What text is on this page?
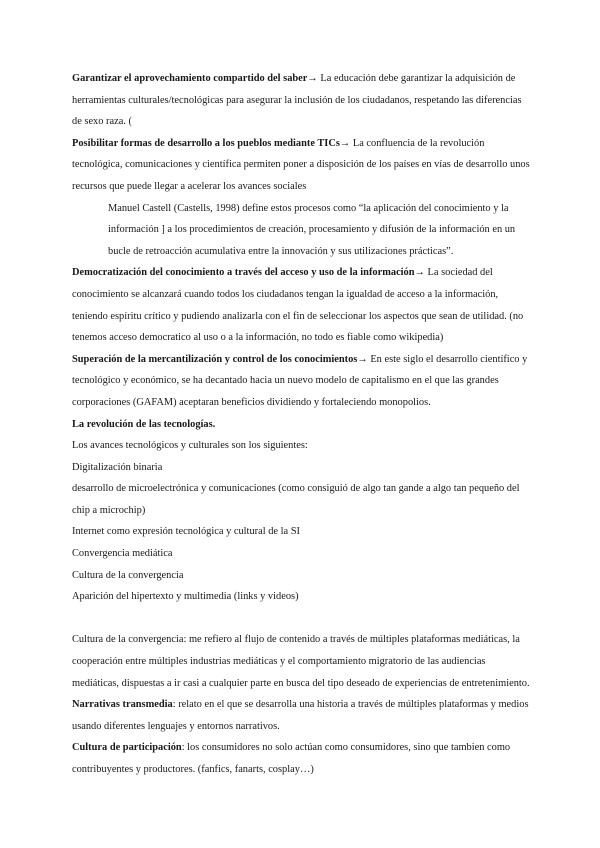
Garantizar el aprovechamiento compartido del saber→ La educación debe garantizar la adquisición de herramientas culturales/tecnológicas para asegurar la inclusión de los ciudadanos, respetando las diferencias de sexo raza. (

Posibilitar formas de desarrollo a los pueblos mediante TICs→ La confluencia de la revolución tecnológica, comunicaciones y científica permiten poner a disposición de los países en vías de desarrollo unos recursos que puede llegar a acelerar los avances sociales

Manuel Castell (Castells, 1998) define estos procesos como “la aplicación del conocimiento y la información ] a los procedimientos de creación, procesamiento y difusión de la información en un bucle de retroacción acumulativa entre la innovación y sus utilizaciones prácticas”.

Democratización del conocimiento a través del acceso y uso de la información→ La sociedad del conocimiento se alcanzará cuando todos los ciudadanos tengan la igualdad de acceso a la información, teniendo espíritu crítico y pudiendo analizarla con el fin de seleccionar los aspectos que sean de utilidad. (no tenemos acceso democratico al uso o a la información, no todo es fiable como wikipedia)

Superación de la mercantilización y control de los conocimientos→ En este siglo el desarrollo científico y tecnológico y económico, se ha decantado hacia un nuevo modelo de capitalismo en el que las grandes corporaciones (GAFAM) aceptaran beneficios dividiendo y fortaleciendo monopolios.

La revolución de las tecnologías.

Los avances tecnológicos y culturales son los siguientes:

Digitalización binaria

desarrollo de microelectrónica y comunicaciones (como consiguió de algo tan gande a algo tan pequeño del chip a microchip)

Internet como expresión tecnológica y cultural de la SI

Convergencia mediática

Cultura de la convergencia

Aparición del hipertexto y multimedia (links y videos)

Cultura de la convergencia: me refiero al flujo de contenido a través de múltiples plataformas mediáticas, la cooperación entre múltiples industrias mediáticas y el comportamiento migratorio de las audiencias mediáticas, dispuestas a ir casi a cualquier parte en busca del tipo deseado de experiencias de entretenimiento.

Narrativas transmedia: relato en el que se desarrolla una historia a través de múltiples plataformas y medios usando diferentes lenguajes y entornos narrativos.

Cultura de participación: los consumidores no solo actúan como consumidores, sino que tambien como contribuyentes y productores. (fanfics, fanarts, cosplay…)
